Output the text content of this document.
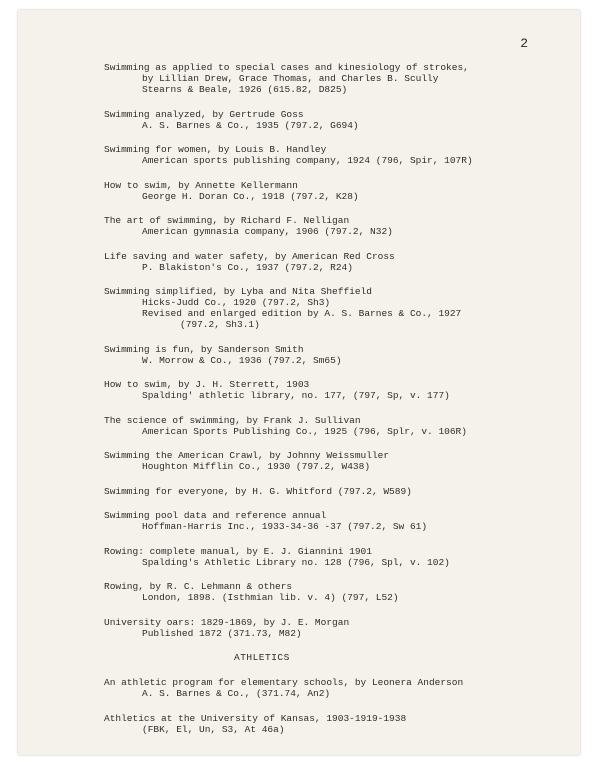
2
Swimming as applied to special cases and kinesiology of strokes,
by Lillian Drew, Grace Thomas, and Charles B. Scully
Stearns & Beale, 1926 (615.82, D825)
Swimming analyzed, by Gertrude Goss
A. S. Barnes & Co., 1935 (797.2, G694)
Swimming for women, by Louis B. Handley
American sports publishing company, 1924 (796, Spir, 107R)
How to swim, by Annette Kellermann
George H. Doran Co., 1918 (797.2, K28)
The art of swimming, by Richard F. Nelligan
American gymnasia company, 1906 (797.2, N32)
Life saving and water safety, by American Red Cross
P. Blakiston's Co., 1937 (797.2, R24)
Swimming simplified, by Lyba and Nita Sheffield
Hicks-Judd Co., 1920 (797.2, Sh3)
Revised and enlarged edition by A. S. Barnes & Co., 1927
(797.2, Sh3.1)
Swimming is fun, by Sanderson Smith
W. Morrow & Co., 1936 (797.2, Sm65)
How to swim, by J. H. Sterrett, 1903
Spalding' athletic library, no. 177, (797, Sp, v. 177)
The science of swimming, by Frank J. Sullivan
American Sports Publishing Co., 1925 (796, Splr, v. 106R)
Swimming the American Crawl, by Johnny Weissmuller
Houghton Mifflin Co., 1930 (797.2, W438)
Swimming for everyone, by H. G. Whitford (797.2, W589)
Swimming pool data and reference annual
Hoffman-Harris Inc., 1933-34-36 -37 (797.2, Sw 61)
Rowing: complete manual, by E. J. Giannini 1901
Spalding's Athletic Library no. 128 (796, Spl, v. 102)
Rowing, by R. C. Lehmann & others
London, 1898. (Isthmian lib. v. 4) (797, L52)
University oars: 1829-1869, by J. E. Morgan
Published 1872 (371.73, M82)
ATHLETICS
An athletic program for elementary schools, by Leonera Anderson
A. S. Barnes & Co., (371.74, An2)
Athletics at the University of Kansas, 1903-1919-1938
(FBK, El, Un, S3, At 46a)
